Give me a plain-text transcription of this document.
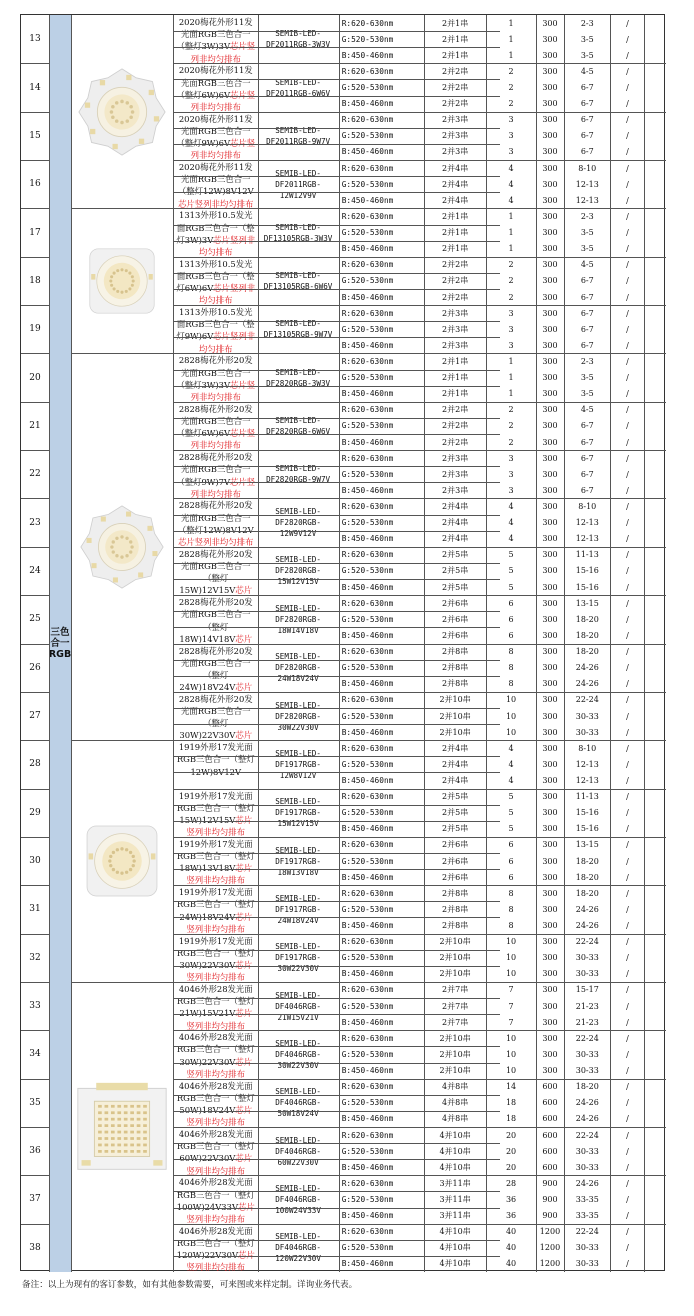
三色合一RGB
13
2020梅花外形11发光面RGB三色合一（整灯3W)3V芯片竖列非均匀排布
SEMIB-LED-DF2011RGB-3W3V
R:620-630nm	2并1串	1	300	2-3	/
G:520-530nm	2并1串	1	300	3-5	/
B:450-460nm	2并1串	1	300	3-5	/
14
2020梅花外形11发光面RGB三色合一（整灯6W)6V芯片竖列非均匀排布
SEMIB-LED-DF2011RGB-6W6V
R:620-630nm	2并2串	2	300	4-5	/
G:520-530nm	2并2串	2	300	6-7	/
B:450-460nm	2并2串	2	300	6-7	/
15
2020梅花外形11发光面RGB三色合一（整灯9W)6V芯片竖列非均匀排布
SEMIB-LED-DF2011RGB-9W7V
R:620-630nm	2并3串	3	300	6-7	/
G:520-530nm	2并3串	3	300	6-7	/
B:450-460nm	2并3串	3	300	6-7	/
16
2020梅花外形11发光面RGB三色合一（整灯12W)8V12V芯片竖列非均匀排布
SEMIB-LED-DF2011RGB-12W12V9V
R:620-630nm	2并4串	4	300	8-10	/
G:520-530nm	2并4串	4	300	12-13	/
B:450-460nm	2并4串	4	300	12-13	/
17
1313外形10.5发光面RGB三色合一（整灯3W)3V芯片竖列非均匀排布
SEMIB-LED-DF13105RGB-3W3V
R:620-630nm	2并1串	1	300	2-3	/
G:520-530nm	2并1串	1	300	3-5	/
B:450-460nm	2并1串	1	300	3-5	/
18
1313外形10.5发光面RGB三色合一（整灯6W)6V芯片竖列非均匀排布
SEMIB-LED-DF13105RGB-6W6V
R:620-630nm	2并2串	2	300	4-5	/
G:520-530nm	2并2串	2	300	6-7	/
B:450-460nm	2并2串	2	300	6-7	/
19
1313外形10.5发光面RGB三色合一（整灯9W)6V芯片竖列非均匀排布
SEMIB-LED-DF13105RGB-9W7V
R:620-630nm	2并3串	3	300	6-7	/
G:520-530nm	2并3串	3	300	6-7	/
B:450-460nm	2并3串	3	300	6-7	/
20
2828梅花外形20发光面RGB三色合一（整灯3W)3V芯片竖列非均匀排布
SEMIB-LED-DF2820RGB-3W3V
R:620-630nm	2并1串	1	300	2-3	/
G:520-530nm	2并1串	1	300	3-5	/
B:450-460nm	2并1串	1	300	3-5	/
21
2828梅花外形20发光面RGB三色合一（整灯6W)6V芯片竖列非均匀排布
SEMIB-LED-DF2820RGB-6W6V
R:620-630nm	2并2串	2	300	4-5	/
G:520-530nm	2并2串	2	300	6-7	/
B:450-460nm	2并2串	2	300	6-7	/
22
2828梅花外形20发光面RGB三色合一（整灯9W)7V芯片竖列非均匀排布
SEMIB-LED-DF2820RGB-9W7V
R:620-630nm	2并3串	3	300	6-7	/
G:520-530nm	2并3串	3	300	6-7	/
B:450-460nm	2并3串	3	300	6-7	/
23
2828梅花外形20发光面RGB三色合一（整灯12W)8V12V芯片竖列非均匀排布
SEMIB-LED-DF2820RGB-12W9V12V
R:620-630nm	2并4串	4	300	8-10	/
G:520-530nm	2并4串	4	300	12-13	/
B:450-460nm	2并4串	4	300	12-13	/
24
2828梅花外形20发光面RGB三色合一（整灯15W)12V15V芯片
SEMIB-LED-DF2820RGB-15W12V15V
R:620-630nm	2并5串	5	300	11-13	/
G:520-530nm	2并5串	5	300	15-16	/
B:450-460nm	2并5串	5	300	15-16	/
25
2828梅花外形20发光面RGB三色合一（整灯18W)14V18V芯片
SEMIB-LED-DF2820RGB-18W14V18V
R:620-630nm	2并6串	6	300	13-15	/
G:520-530nm	2并6串	6	300	18-20	/
B:450-460nm	2并6串	6	300	18-20	/
26
2828梅花外形20发光面RGB三色合一（整灯24W)18V24V芯片
SEMIB-LED-DF2820RGB-24W18V24V
R:620-630nm	2并8串	8	300	18-20	/
G:520-530nm	2并8串	8	300	24-26	/
B:450-460nm	2并8串	8	300	24-26	/
27
2828梅花外形20发光面RGB三色合一（整灯30W)22V30V芯片
SEMIB-LED-DF2820RGB-30W22V30V
R:620-630nm	2并10串	10	300	22-24	/
G:520-530nm	2并10串	10	300	30-33	/
B:450-460nm	2并10串	10	300	30-33	/
28
1919外形17发光面RGB三色合一（整灯12W)8V12V
SEMIB-LED-DF1917RGB-12W8V12V
R:620-630nm	2并4串	4	300	8-10	/
G:520-530nm	2并4串	4	300	12-13	/
B:450-460nm	2并4串	4	300	12-13	/
29
1919外形17发光面RGB三色合一（整灯15W)12V15V芯片竖列非均匀排布
SEMIB-LED-DF1917RGB-15W12V15V
R:620-630nm	2并5串	5	300	11-13	/
G:520-530nm	2并5串	5	300	15-16	/
B:450-460nm	2并5串	5	300	15-16	/
30
1919外形17发光面RGB三色合一（整灯18W)13V18V芯片竖列非均匀排布
SEMIB-LED-DF1917RGB-18W13V18V
R:620-630nm	2并6串	6	300	13-15	/
G:520-530nm	2并6串	6	300	18-20	/
B:450-460nm	2并6串	6	300	18-20	/
31
1919外形17发光面RGB三色合一（整灯24W)18V24V芯片竖列非均匀排布
SEMIB-LED-DF1917RGB-24W18V24V
R:620-630nm	2并8串	8	300	18-20	/
G:520-530nm	2并8串	8	300	24-26	/
B:450-460nm	2并8串	8	300	24-26	/
32
1919外形17发光面RGB三色合一（整灯30W)22V30V芯片竖列非均匀排布
SEMIB-LED-DF1917RGB-30W22V30V
R:620-630nm	2并10串	10	300	22-24	/
G:520-530nm	2并10串	10	300	30-33	/
B:450-460nm	2并10串	10	300	30-33	/
33
4046外形28发光面RGB三色合一（整灯21W)15V21V芯片竖列非均匀排布
SEMIB-LED-DF4046RGB-21W15V21V
R:620-630nm	2并7串	7	300	15-17	/
G:520-530nm	2并7串	7	300	21-23	/
B:450-460nm	2并7串	7	300	21-23	/
34
4046外形28发光面RGB三色合一（整灯30W)22V30V芯片竖列非均匀排布
SEMIB-LED-DF4046RGB-30W22V30V
R:620-630nm	2并10串	10	300	22-24	/
G:520-530nm	2并10串	10	300	30-33	/
B:450-460nm	2并10串	10	300	30-33	/
35
4046外形28发光面RGB三色合一（整灯50W)18V24V芯片竖列非均匀排布
SEMIB-LED-DF4046RGB-50W18V24V
R:620-630nm	4并8串	14	600	18-20	/
G:520-530nm	4并8串	18	600	24-26	/
B:450-460nm	4并8串	18	600	24-26	/
36
4046外形28发光面RGB三色合一（整灯60W)22V30V芯片竖列非均匀排布
SEMIB-LED-DF4046RGB-60W22V30V
R:620-630nm	4并10串	20	600	22-24	/
G:520-530nm	4并10串	20	600	30-33	/
B:450-460nm	4并10串	20	600	30-33	/
37
4046外形28发光面RGB三色合一（整灯100W)24V33V芯片竖列非均匀排布
SEMIB-LED-DF4046RGB-100W24V33V
R:620-630nm	3并11串	28	900	24-26	/
G:520-530nm	3并11串	36	900	33-35	/
B:450-460nm	3并11串	36	900	33-35	/
38
4046外形28发光面RGB三色合一（整灯120W)22V30V芯片竖列非均匀排布
SEMIB-LED-DF4046RGB-120W22V30V
R:620-630nm	4并10串	40	1200	22-24	/
G:520-530nm	4并10串	40	1200	30-33	/
B:450-460nm	4并10串	40	1200	30-33	/
备注：以上为现有的客订参数，如有其他参数需要，可来图或来样定制。详询业务代表。
